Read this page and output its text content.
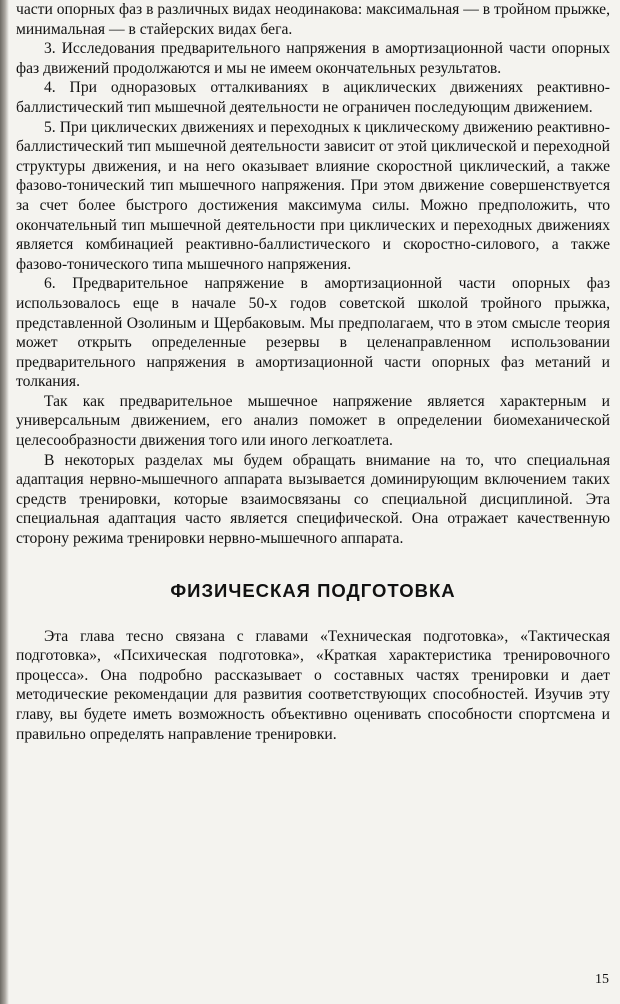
части опорных фаз в различных видах неодинакова: максимальная — в тройном прыжке, минимальная — в стайерских видах бега.

3. Исследования предварительного напряжения в амортизационной части опорных фаз движений продолжаются и мы не имеем окончательных результатов.

4. При одноразовых отталкиваниях в ациклических движениях реактивно-баллистический тип мышечной деятельности не ограничен последующим движением.

5. При циклических движениях и переходных к циклическому движению реактивно-баллистический тип мышечной деятельности зависит от этой циклической и переходной структуры движения, и на него оказывает влияние скоростной циклический, а также фазово-тонический тип мышечного напряжения. При этом движение совершенствуется за счет более быстрого достижения максимума силы. Можно предположить, что окончательный тип мышечной деятельности при циклических и переходных движениях является комбинацией реактивно-баллистического и скоростно-силового, а также фазово-тонического типа мышечного напряжения.

6. Предварительное напряжение в амортизационной части опорных фаз использовалось еще в начале 50-х годов советской школой тройного прыжка, представленной Озолиным и Щербаковым. Мы предполагаем, что в этом смысле теория может открыть определенные резервы в целенаправленном использовании предварительного напряжения в амортизационной части опорных фаз метаний и толкания.

Так как предварительное мышечное напряжение является характерным и универсальным движением, его анализ поможет в определении биомеханической целесообразности движения того или иного легкоатлета.

В некоторых разделах мы будем обращать внимание на то, что специальная адаптация нервно-мышечного аппарата вызывается доминирующим включением таких средств тренировки, которые взаимосвязаны со специальной дисциплиной. Эта специальная адаптация часто является специфической. Она отражает качественную сторону режима тренировки нервно-мышечного аппарата.

ФИЗИЧЕСКАЯ ПОДГОТОВКА

Эта глава тесно связана с главами «Техническая подготовка», «Тактическая подготовка», «Психическая подготовка», «Краткая характеристика тренировочного процесса». Она подробно рассказывает о составных частях тренировки и дает методические рекомендации для развития соответствующих способностей. Изучив эту главу, вы будете иметь возможность объективно оценивать способности спортсмена и правильно определять направление тренировки.

15
